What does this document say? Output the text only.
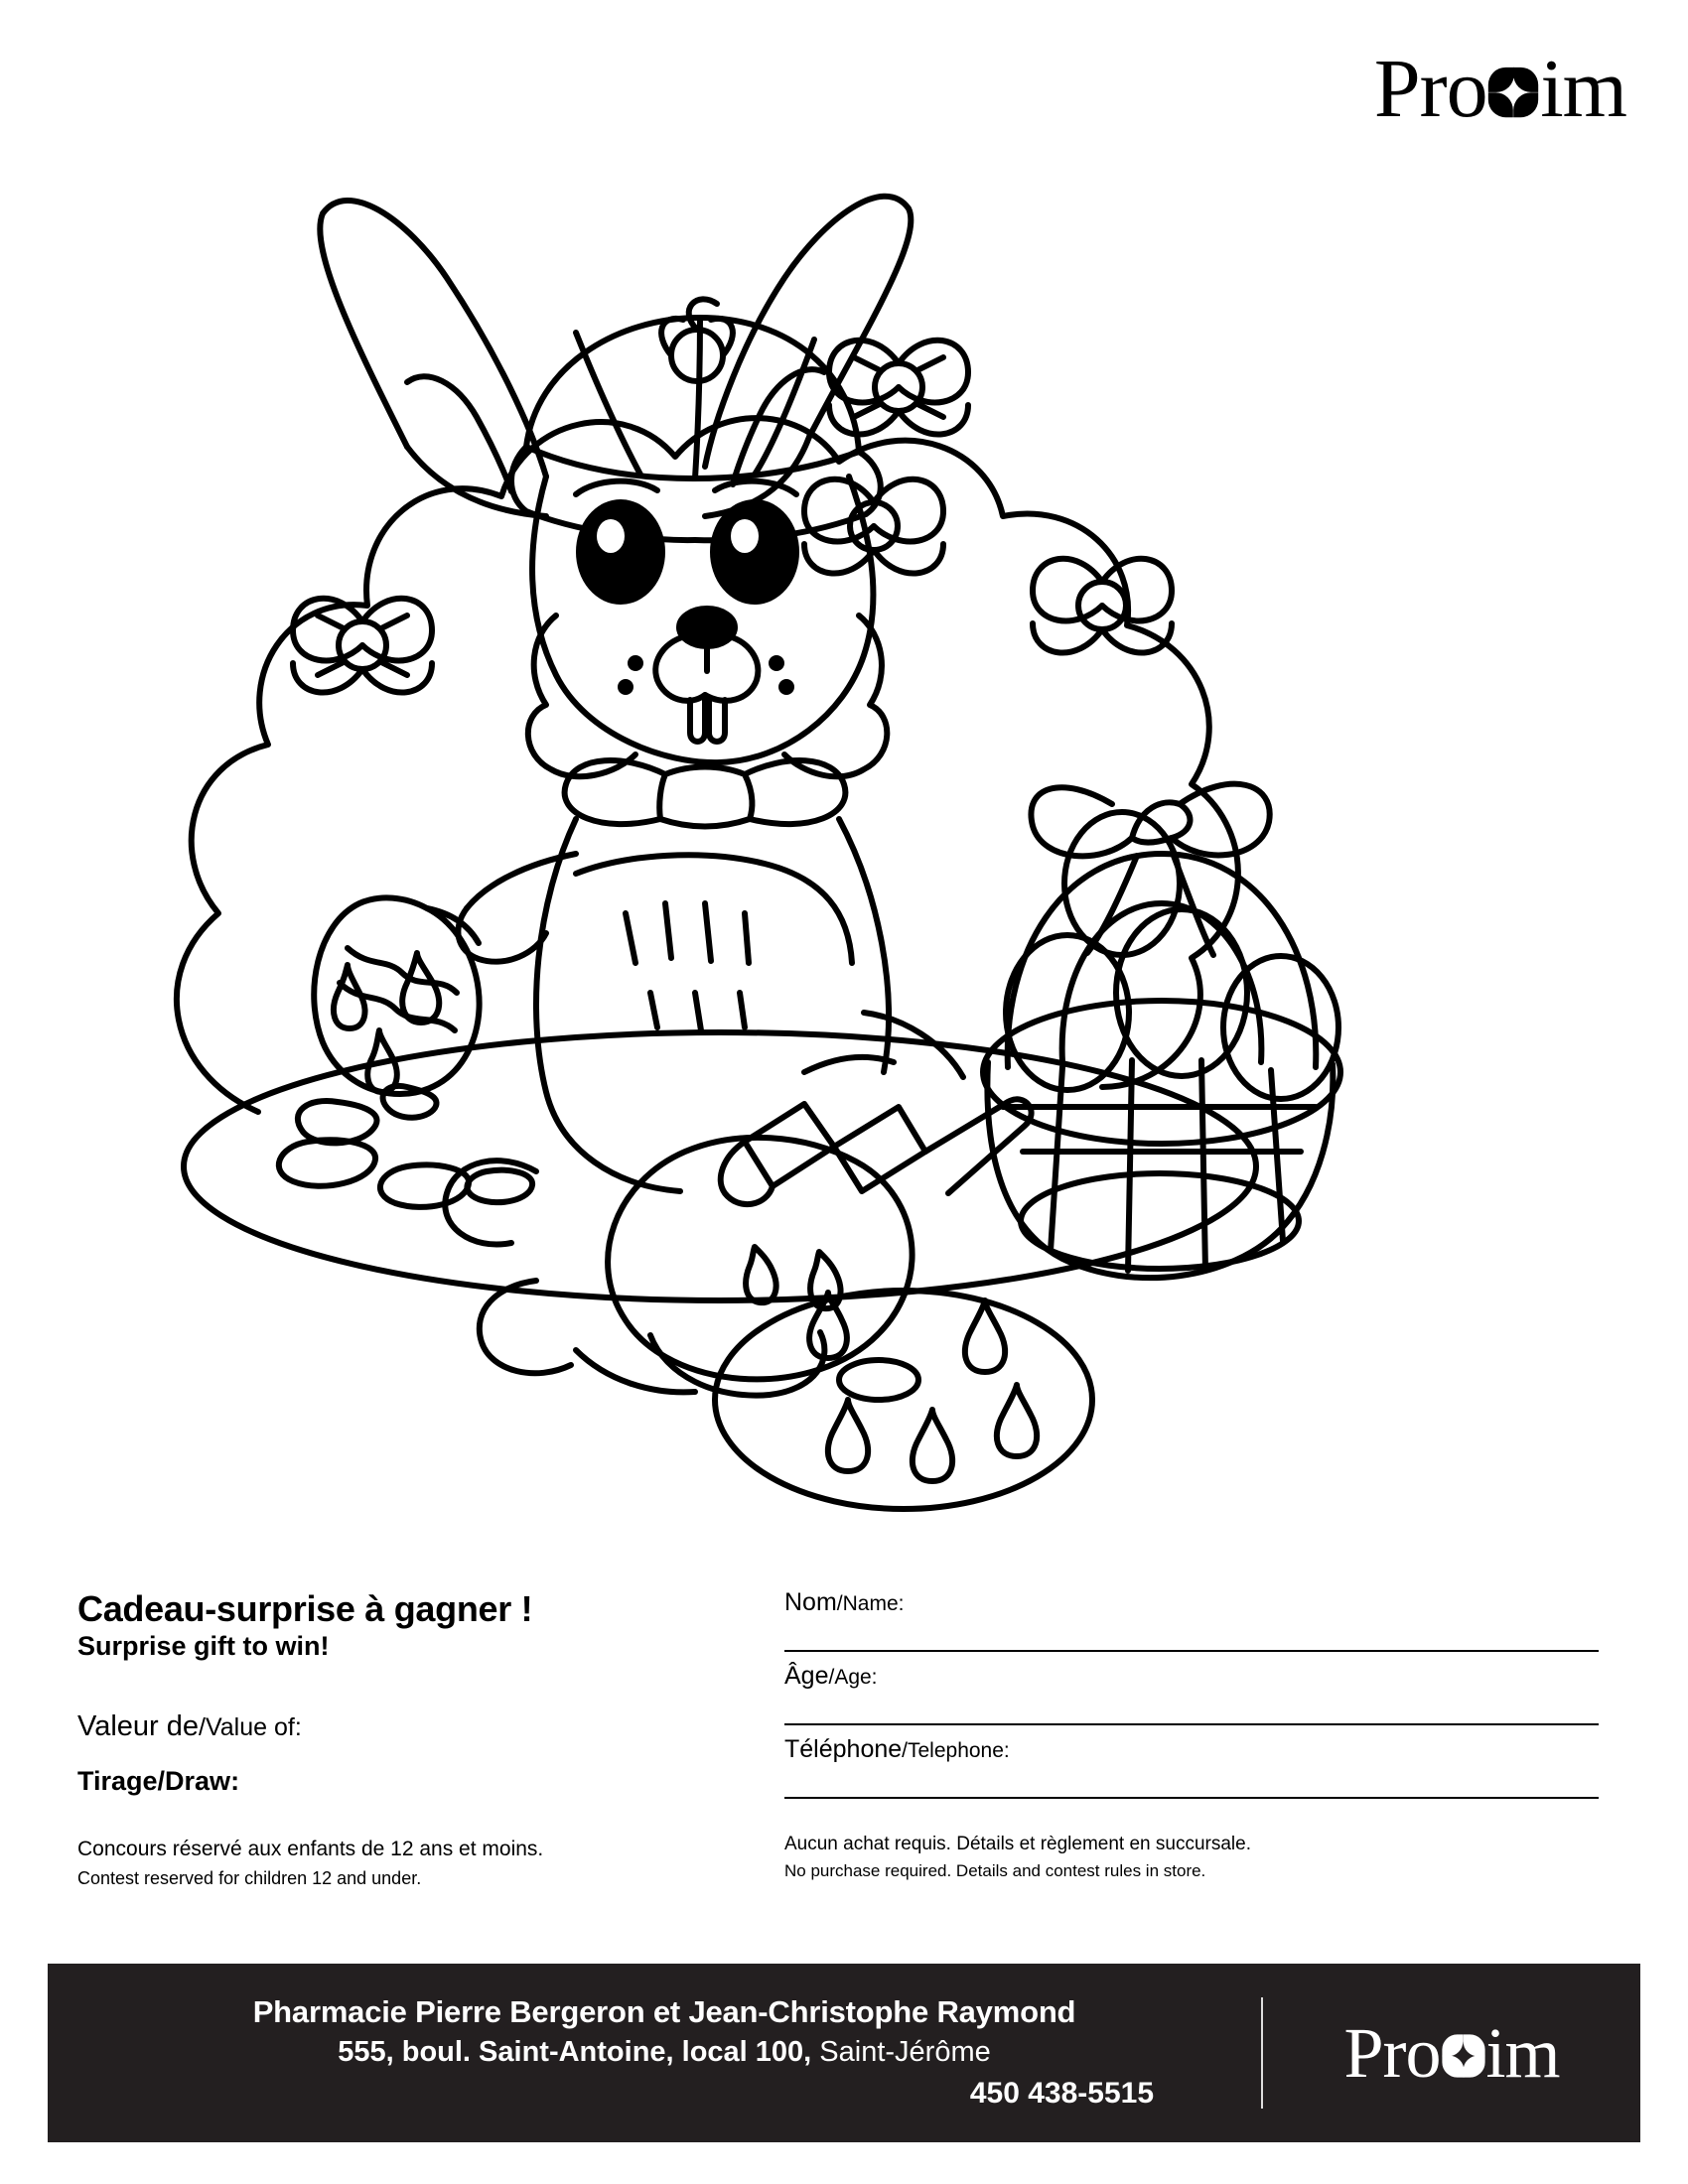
Pro im
Cadeau-surprise à gagner !
Surprise gift to win!
Valeur de/Value of:
Tirage/Draw:
Concours réservé aux enfants de 12 ans et moins.
Contest reserved for children 12 and under.
Nom/Name:
Âge/Age:
Téléphone/Telephone:
Aucun achat requis. Détails et règlement en succursale.
No purchase required. Details and contest rules in store.
Pharmacie Pierre Bergeron et Jean-Christophe Raymond
555, boul. Saint-Antoine, local 100, Saint-Jérôme
450 438-5515
Pro im
